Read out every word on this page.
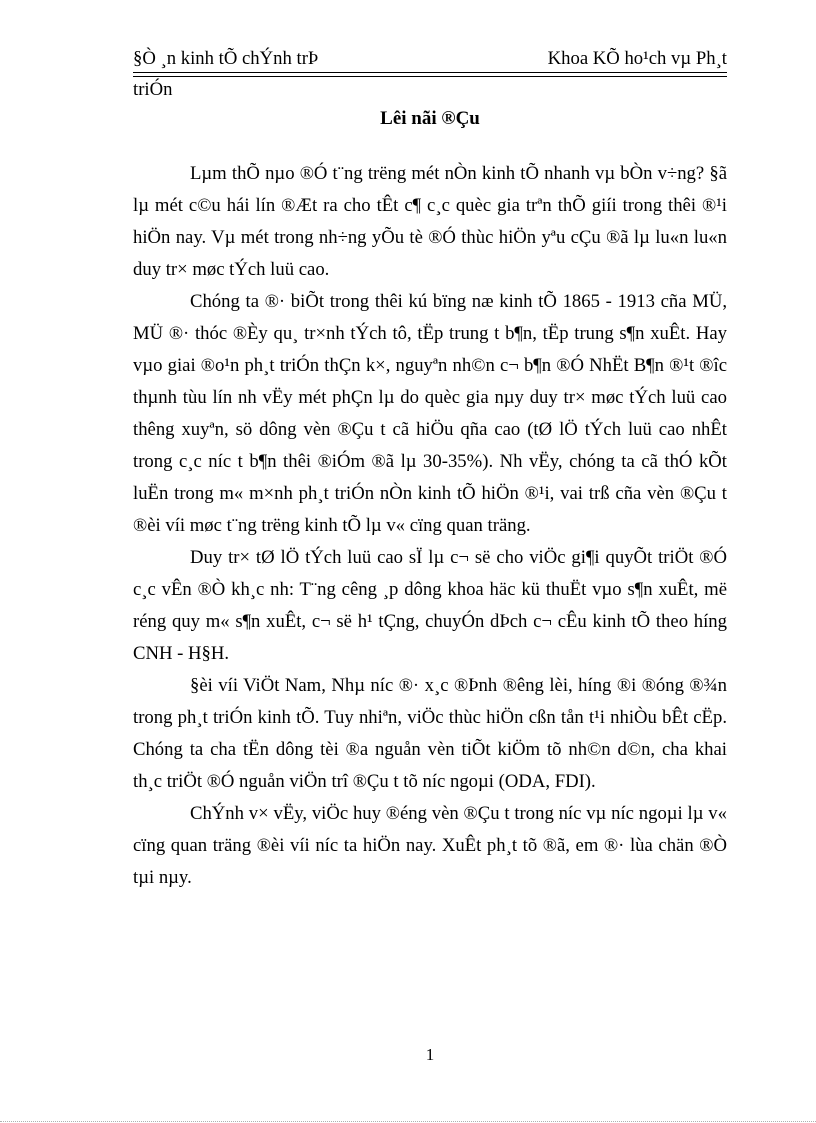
§Ò ¸n kinh tÕ chÝnh trÞ	Khoa KÕ ho¹ch vµ Ph¸t
triÓn
Lêi nãi ®Çu

Lµm thÕ nµo ®Ó t¨ng trëng mét nÒn kinh tÕ nhanh vµ bÒn v÷ng? §ã lµ mét c©u hái lín ®Æt ra cho tÊt c¶ c¸c quèc gia trªn thÕ giíi trong thêi ®¹i hiÖn nay. Vµ mét trong nh÷ng yÕu tè ®Ó thùc hiÖn yªu cÇu ®ã lµ lu«n lu«n duy tr× møc tÝch luü cao.

Chóng ta ®· biÕt trong thêi kú bïng næ kinh tÕ 1865 - 1913 cña MÜ, MÜ ®· thóc ®Èy qu¸ tr×nh tÝch tô, tËp trung t b¶n, tËp trung s¶n xuÊt. Hay vµo giai ®o¹n ph¸t triÓn thÇn k×, nguyªn nh©n c¬ b¶n ®Ó NhËt B¶n ®¹t ®îc thµnh tùu lín nh vËy mét phÇn lµ do quèc gia nµy duy tr× møc tÝch luü cao thêng xuyªn, sö dông vèn ®Çu t cã hiÖu qña cao (tØ lÖ tÝch luü cao nhÊt trong c¸c níc t b¶n thêi ®iÓm ®ã lµ 30-35%). Nh vËy, chóng ta cã thÓ kÕt luËn trong m« m×nh ph¸t triÓn nÒn kinh tÕ hiÖn ®¹i, vai trß cña vèn ®Çu t ®èi víi møc t¨ng trëng kinh tÕ lµ v« cïng quan träng.

Duy tr× tØ lÖ tÝch luü cao sÏ lµ c¬ së cho viÖc gi¶i quyÕt triÖt ®Ó c¸c vÊn ®Ò kh¸c nh: T¨ng cêng ¸p dông khoa häc kü thuËt vµo s¶n xuÊt, më réng quy m« s¶n xuÊt, c¬ së h¹ tÇng, chuyÓn dÞch c¬ cÊu kinh tÕ theo híng CNH - H§H.

§èi víi ViÖt Nam, Nhµ níc ®· x¸c ®Þnh ®êng lèi, híng ®i ®óng ®¾n trong ph¸t triÓn kinh tÕ. Tuy nhiªn, viÖc thùc hiÖn cßn tån t¹i nhiÒu bÊt cËp. Chóng ta cha tËn dông tèi ®a nguån vèn tiÕt kiÖm tõ nh©n d©n, cha khai th¸c triÖt ®Ó nguån viÖn trî ®Çu t tõ níc ngoµi (ODA, FDI).

ChÝnh v× vËy, viÖc huy ®éng vèn ®Çu t trong níc vµ níc ngoµi lµ v« cïng quan träng ®èi víi níc ta hiÖn nay. XuÊt ph¸t tõ ®ã, em ®· lùa chän ®Ò tµi nµy.

1
